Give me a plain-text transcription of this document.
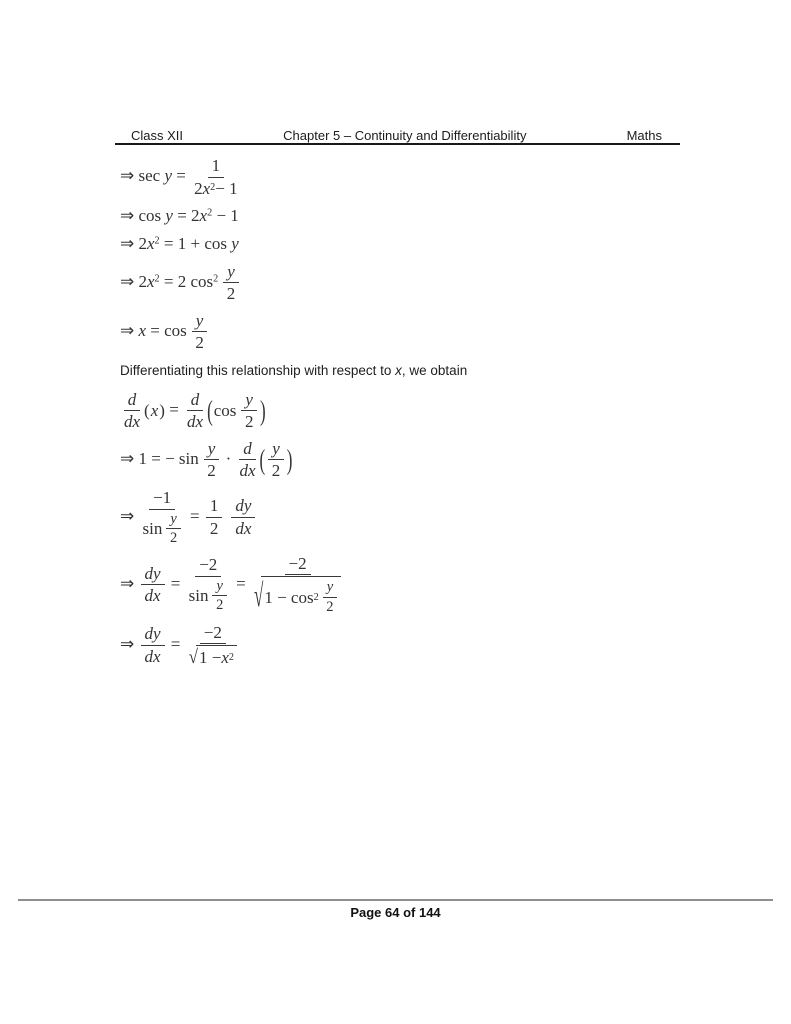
Class XII	Chapter 5 – Continuity and Differentiability	Maths
⇒ $\sec y = \frac{1}{2 x 2 - 1}$
⇒ $\cos y = 2x^2 - 1$
⇒ $2x^2 = 1 + \cos y$
⇒ $2x^2 = 2$ $\cos^2 \frac{y}{2}$
⇒ $x = \cos \frac{y}{2}$
Differentiating this relationship with respect to x, we obtain
$\frac{d}{dx}$ ( x ) = $\frac{d}{dx}$ ( $\cos \frac{y}{2}$ )
⇒ 1 = − $\sin \frac{y}{2} \cdot \frac{d}{dx}$ ( $\frac{y}{2}$ )
⇒ $\frac{-1}{\sin \frac{y}{2}} = \frac{1}{2} \frac{dy}{dx}$
⇒ $\frac{dy}{dx} = \frac{-2}{\sin \frac{y}{2}} = \frac{-2}{√ 1 - \cos 2 \frac{y}{2}}$
⇒ $\frac{dy}{dx} = \frac{-2}{√ 1 - x 2}$
Page 64 of 144
